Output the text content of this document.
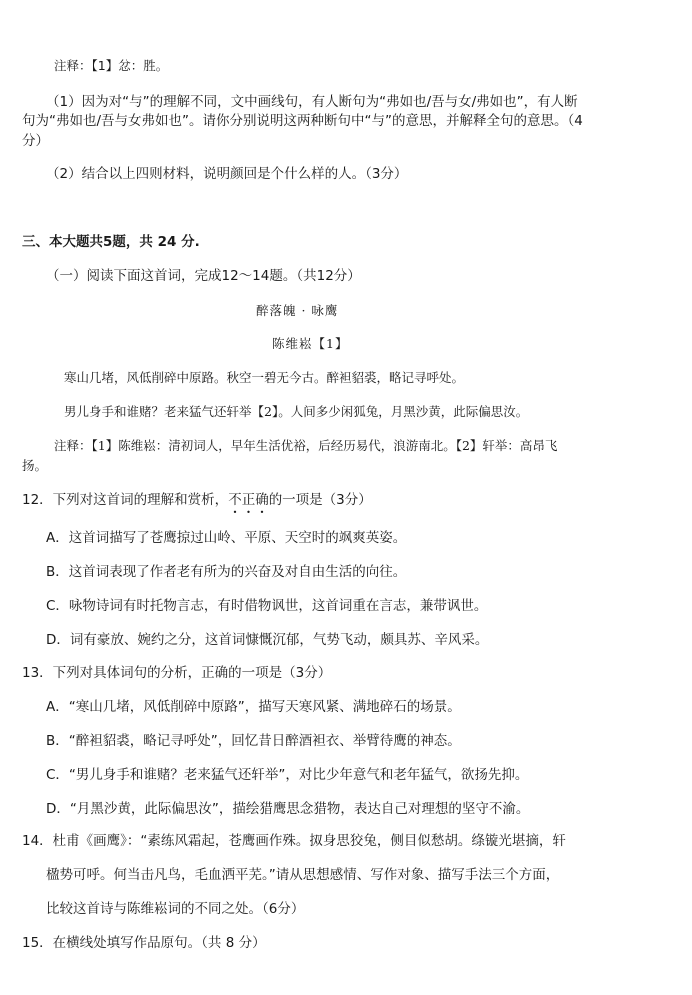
注释：【1】忿：胜。
（1）因为对“与”的理解不同，文中画线句，有人断句为“弗如也/吾与女/弗如也”，有人断
句为“弗如也/吾与女弗如也”。请你分别说明这两种断句中“与”的意思，并解释全句的意思。（4
分）
（2）结合以上四则材料，说明颜回是个什么样的人。（3分）
三、本大题共5题，共 24 分.
（一）阅读下面这首词，完成12～14题。（共12分）
醉落魄 · 咏鹰
陈维崧【1】
寒山几堵，风低削碎中原路。秋空一碧无今古。醉袒貂裘，略记寻呼处。
男儿身手和谁赌？老来猛气还轩举【2】。人间多少闲狐兔，月黑沙黄，此际偏思汝。
注释：【1】陈维崧：清初词人，早年生活优裕，后经历易代，浪游南北。【2】轩举：高昂飞
扬。
12．下列对这首词的理解和赏析，不正确的一项是（3分）
A．这首词描写了苍鹰掠过山岭、平原、天空时的飒爽英姿。
B．这首词表现了作者老有所为的兴奋及对自由生活的向往。
C．咏物诗词有时托物言志，有时借物讽世，这首词重在言志，兼带讽世。
D．词有豪放、婉约之分，这首词慷慨沉郁，气势飞动，颇具苏、辛风采。
13．下列对具体词句的分析，正确的一项是（3分）
A．“寒山几堵，风低削碎中原路”，描写天寒风紧、满地碎石的场景。
B．“醉袒貂裘，略记寻呼处”，回忆昔日醉酒袒衣、举臂待鹰的神态。
C．“男儿身手和谁赌？老来猛气还轩举”，对比少年意气和老年猛气，欲扬先抑。
D．“月黑沙黄，此际偏思汝”，描绘猎鹰思念猎物，表达自己对理想的坚守不渝。
14．杜甫《画鹰》：“素练风霜起，苍鹰画作殊。㧐身思狡兔，侧目似愁胡。绦镟光堪摘，轩
楹势可呼。何当击凡鸟，毛血洒平芜。”请从思想感情、写作对象、描写手法三个方面，
比较这首诗与陈维崧词的不同之处。（6分）
15．在横线处填写作品原句。（共 8 分）
